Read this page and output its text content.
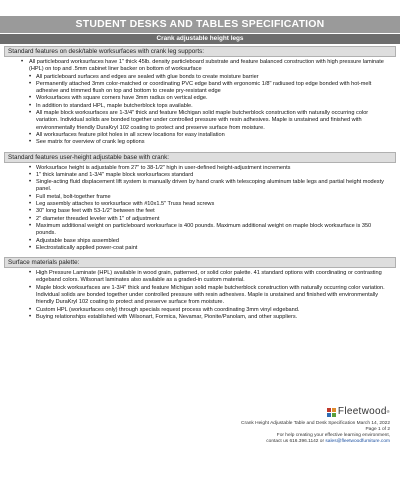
STUDENT DESKS AND TABLES SPECIFICATION
Crank adjustable height legs
Standard features on desk/table worksurfaces with crank leg supports:
• All particleboard worksurfaces have 1" thick 45lb. density particleboard substrate and feature balanced construction with high pressure laminate (HPL) on top and .5mm cabinet liner backer on bottom of worksurface
• All particleboard surfaces and edges are sealed with glue bonds to create moisture barrier
• Permanently attached 3mm color-matched or coordinating PVC edge band with ergonomic 1/8" radiused top edge bonded with hot-melt adhesive and trimmed flush on top and bottom to create pry-resistant edge
• Worksurfaces with square corners have 3mm radius on vertical edge.
• In addition to standard HPL, maple butcherblock tops available.
• All maple block worksurfaces are 1-3/4" thick and feature Michigan solid maple butcherblock construction with naturally occurring color variation. Individual solids are bonded together under controlled pressure with resin adhesives. Maple is unstained and finished with environmentally friendly DuraKryl 102 coating to protect and preserve surface from moisture.
• All worksurfaces feature pilot holes in all screw locations for easy installation
• See matrix for overview of crank leg options
Standard features user-height adjustable base with crank:
• Worksurface height is adjustable from 27" to 38-1/2" high in user-defined height-adjustment increments
• 1" thick laminate and 1-3/4" maple block worksurfaces standard
• Single-acting fluid displacement lift system is manually driven by hand crank with telescoping aluminum table legs and partial height modesty panel.
• Full metal, bolt-together frame
• Leg assembly attaches to worksurface with #10x1.5" Truss head screws
• 30" long base feet with 53-1/2" between the feet
• 2" diameter threaded leveler with 1" of adjustment
• Maximum additional weight on particleboard worksurface is 400 pounds. Maximum additional weight on maple block worksurface is 350 pounds.
• Adjustable base ships assembled
• Electrostatically applied power-coat paint
Surface materials palette:
• High Pressure Laminate (HPL) available in wood grain, patterned, or solid color palette. 41 standard options with coordinating or contrasting edgeband colors. Wilsonart laminates also available as a graded-in custom material.
• Maple block worksurfaces are 1-3/4" thick and feature Michigan solid maple butcherblock construction with naturally occurring color variation. Individual solids are bonded together under controlled pressure with resin adhesives. Maple is unstained and finished with environmentally friendly DuraKryl 102 coating to protect and preserve surface from moisture.
• Custom HPL (worksurfaces only) through specials request process with coordinating 3mm vinyl edgeband.
• Buying relationships established with Wilsonart, Formica, Nevamar, Pionite/Panolam, and other suppliers.
Fleetwood®
Crank Height Adjustable Table and Desk Specification March 14, 2022
Page 1 of 2
For help creating your effective learning environment,
contact us 616.396.1142 or sales@fleetwoodfurniture.com
